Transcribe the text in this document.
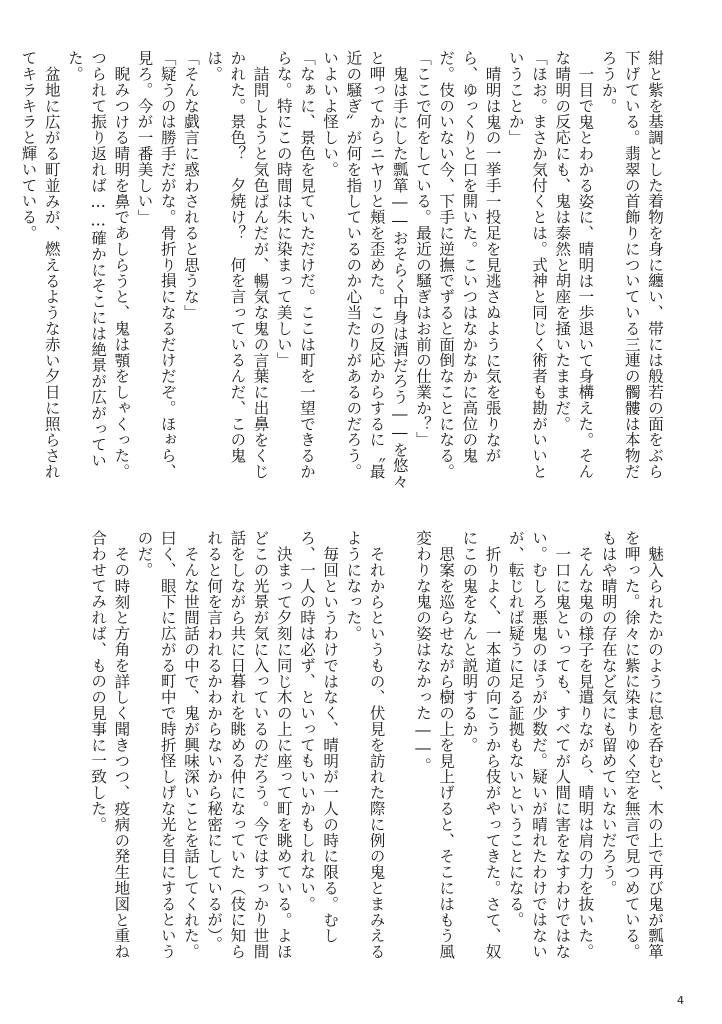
紺と紫を基調とした着物を身に纏い、帯には般若の面をぶら下げている。翡翠の首飾りについている三連の髑髏は本物だろうか。

一目で鬼とわかる姿に、晴明は一歩退いて身構えた。そんな晴明の反応にも、鬼は泰然と胡座を掻いたままだ。

「ほお。まさか気付くとは。式神と同じく術者も勘がいいということか」

晴明は鬼の一挙手一投足を見逃さぬように気を張りながら、ゆっくりと口を開いた。こいつはなかなかに高位の鬼だ。伎のいない今、下手に逆撫でずると面倒なことになる。

「ここで何をしている。最近の騒ぎはお前の仕業か？」

鬼は手にした瓢箪――おそらく中身は酒だろう――を悠々と呷ってからニヤリと頬を歪めた。この反応からするに〝最近の騒ぎ〟が何を指しているのか心当たりがあるのだろう。いよいよ怪しい。

「なぁに、景色を見ていただけだ。ここは町を一望できるからな。特にこの時間は朱に染まって美しい」

詰問しようと気色ばんだが、暢気な鬼の言葉に出鼻をくじかれた。景色？　夕焼け？　何を言っているんだ、この鬼は。

「そんな戯言に惑わされると思うな」

「疑うのは勝手だがな。骨折り損になるだけだぞ。ほぉら、見ろ。今が一番美しい」

睨みつける晴明を鼻であしらうと、鬼は顎をしゃくった。つられて振り返れば……確かにそこには絶景が広がっていた。

盆地に広がる町並みが、燃えるような赤い夕日に照らされてキラキラと輝いている。

魅入られたかのように息を呑むと、木の上で再び鬼が瓢箪を呷った。徐々に紫に染まりゆく空を無言で見つめている。もはや晴明の存在など気にも留めていないだろう。

そんな鬼の様子を見遣りながら、晴明は肩の力を抜いた。

一口に鬼といっても、すべてが人間に害をなすわけではない。むしろ悪鬼のほうが少数だ。疑いが晴れたわけではないが、転じれば疑うに足る証拠もないということになる。

折りよく、一本道の向こうから伎がやってきた。さて、奴にこの鬼をなんと説明するか。

思案を巡らせながら樹の上を見上げると、そこにはもう風変わりな鬼の姿はなかった――。

それからというもの、伏見を訪れた際に例の鬼とまみえるようになった。

毎回というわけではなく、晴明が一人の時に限る。むしろ、一人の時は必ず、といってもいいかもしれない。

決まって夕刻に同じ木の上に座って町を眺めている。よほどこの光景が気に入っているのだろう。今ではすっかり世間話をしながら共に日暮れを眺める仲になっていた（伎に知られると何を言われるかわからないから秘密にしているが）。

そんな世間話の中で、鬼が興味深いことを話してくれた。曰く、眼下に広がる町中で時折怪しげな光を目にするというのだ。

その時刻と方角を詳しく聞きつつ、疫病の発生地図と重ね合わせてみれば、ものの見事に一致した。

4
